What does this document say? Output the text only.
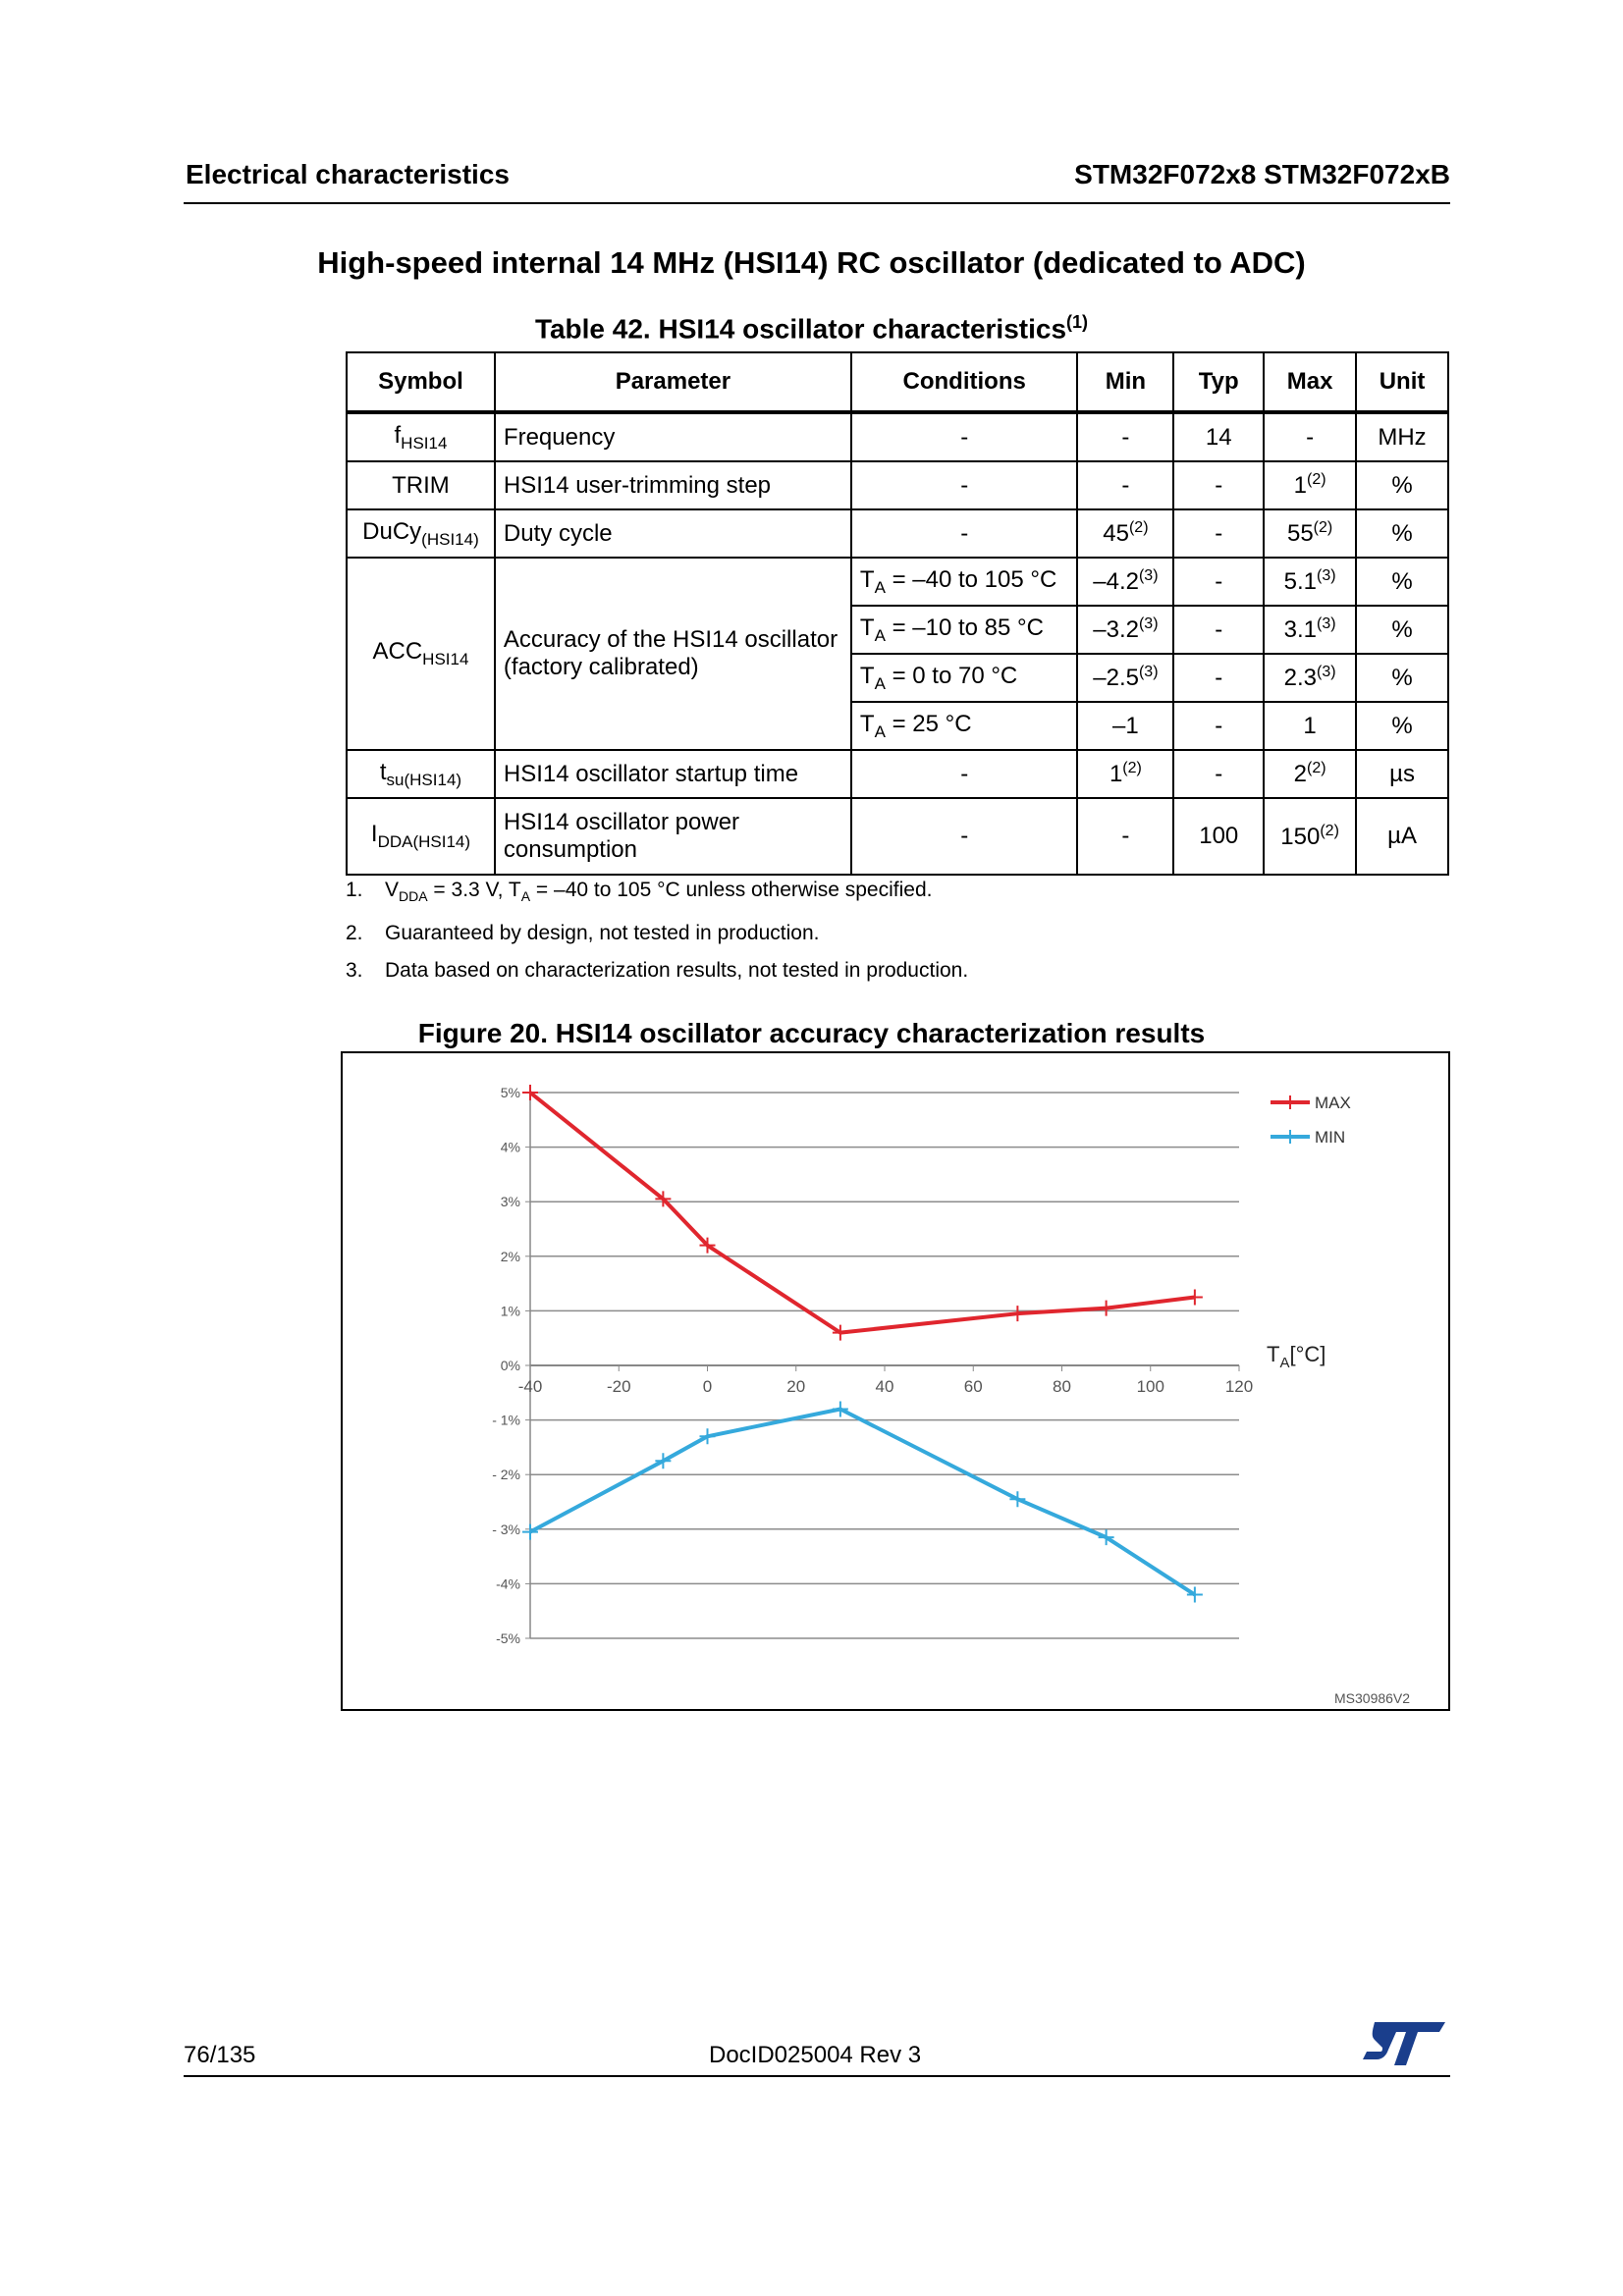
Electrical characteristics	STM32F072x8 STM32F072xB
High-speed internal 14 MHz (HSI14) RC oscillator (dedicated to ADC)
Table 42. HSI14 oscillator characteristics$^{(1)}$
Symbol	Parameter	Conditions	Min	Typ	Max	Unit
$f_{HSI14}$	Frequency	-	-	14	-	MHz
TRIM	HSI14 user-trimming step	-	-	-	1$^{(2)}$	%
DuCy$_{(HSI14)}$	Duty cycle	-	45$^{(2)}$	-	55$^{(2)}$	%
$ACC_{HSI14}$	Accuracy of the HSI14 oscillator (factory calibrated)	$T_A = -40$ to 105 °C	–4.2$^{(3)}$	-	5.1$^{(3)}$	%
		$T_A = -10$ to 85 °C	–3.2$^{(3)}$	-	3.1$^{(3)}$	%
		$T_A = 0$ to 70 °C	–2.5$^{(3)}$	-	2.3$^{(3)}$	%
		$T_A = 25$ °C	–1	-	1	%
$t_{su(HSI14)}$	HSI14 oscillator startup time	-	1$^{(2)}$	-	2$^{(2)}$	µs
$I_{DDA(HSI14)}$	HSI14 oscillator power consumption	-	-	100	150$^{(2)}$	µA
1.	$V_{DDA} = 3.3$ V, $T_A = -40$ to 105 °C unless otherwise specified.
2.	Guaranteed by design, not tested in production.
3.	Data based on characterization results, not tested in production.
Figure 20. HSI14 oscillator accuracy characterization results
5%
4%
3%
2%
1%
0%
- 1%
- 2%
- 3%
-4%
-5%
-40	-20	0	20	40	60	80	100	120
$T_A[^\circ C]$
MAX
MIN
MS30986V2
76/135	DocID025004 Rev 3
